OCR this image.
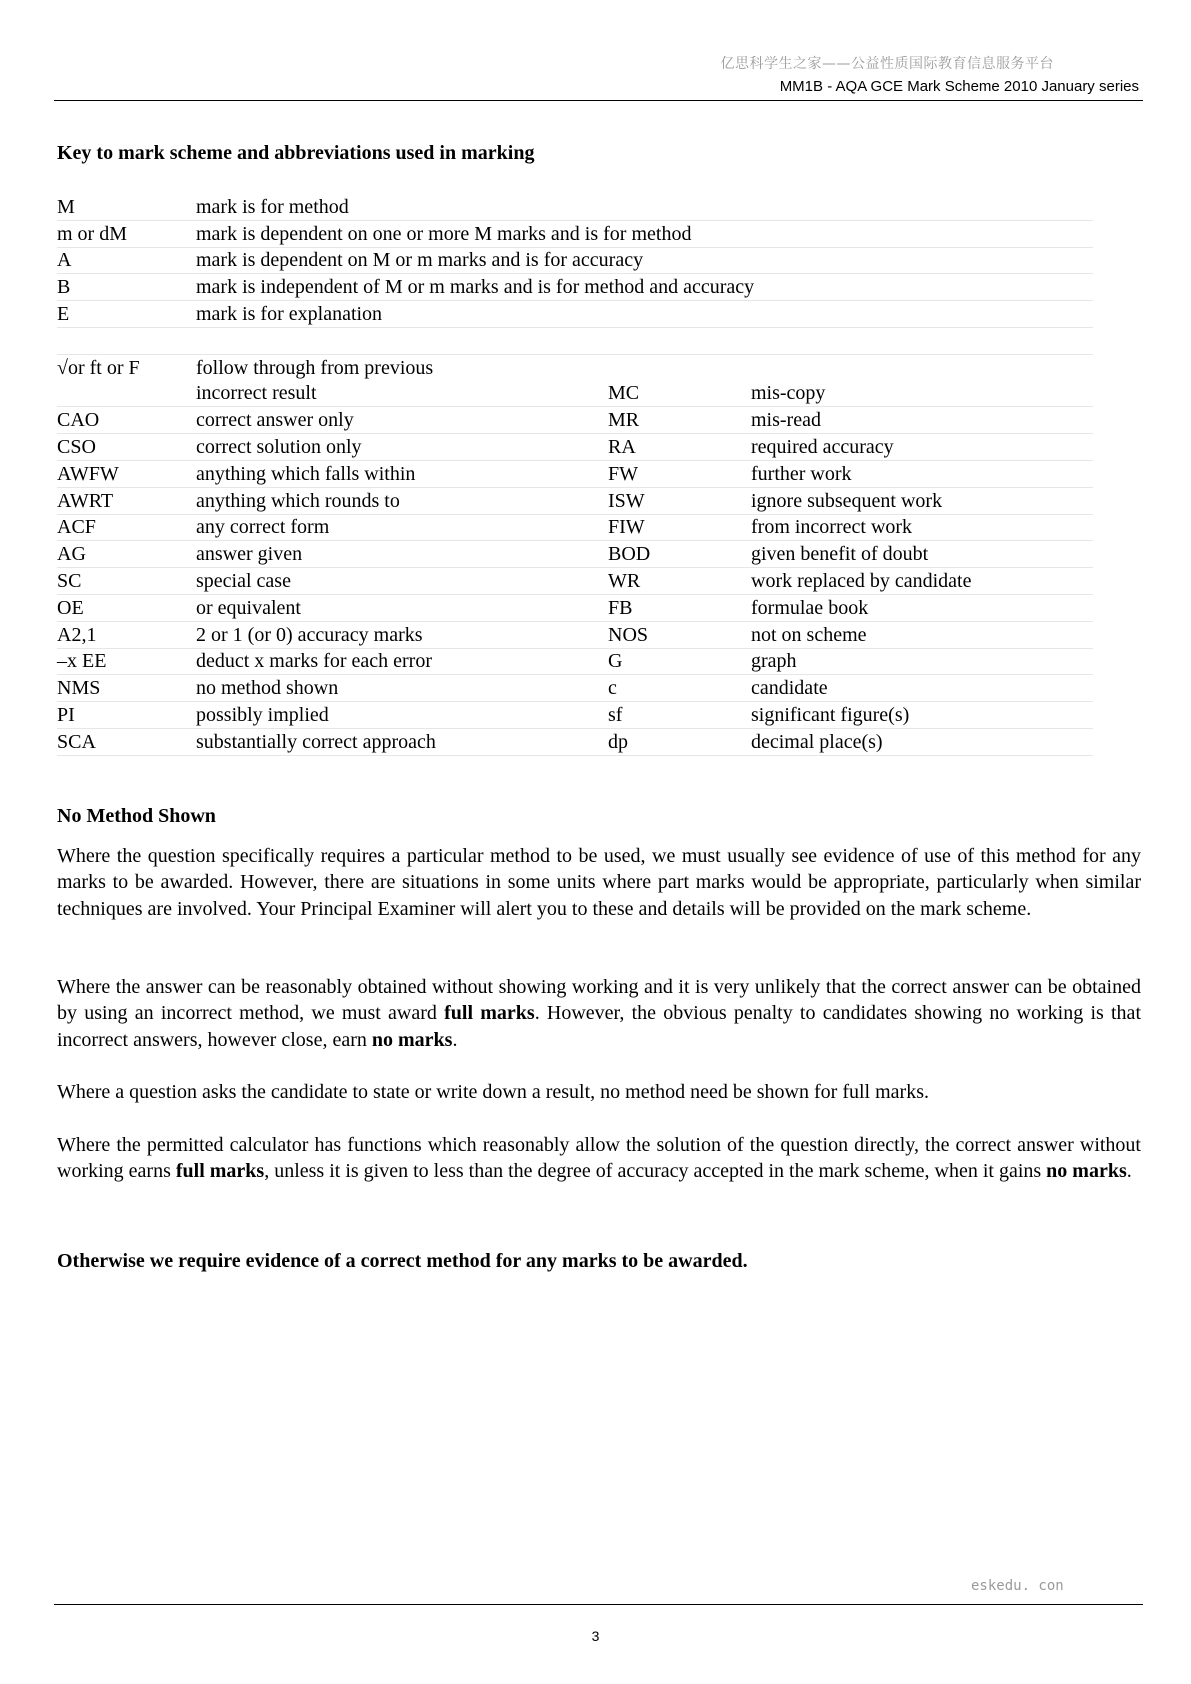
亿思科学生之家——公益性质国际教育信息服务平台
MM1B - AQA GCE Mark Scheme 2010 January series
Key to mark scheme and abbreviations used in marking
M	mark is for method		
m or dM	mark is dependent on one or more M marks and is for method		
A	mark is dependent on M or m marks and is for accuracy		
B	mark is independent of M or m marks and is for method and accuracy		
E	mark is for explanation		

√or ft or F	follow through from previous		
	incorrect result	MC	mis-copy
CAO	correct answer only	MR	mis-read
CSO	correct solution only	RA	required accuracy
AWFW	anything which falls within	FW	further work
AWRT	anything which rounds to	ISW	ignore subsequent work
ACF	any correct form	FIW	from incorrect work
AG	answer given	BOD	given benefit of doubt
SC	special case	WR	work replaced by candidate
OE	or equivalent	FB	formulae book
A2,1	2 or 1 (or 0) accuracy marks	NOS	not on scheme
–x EE	deduct x marks for each error	G	graph
NMS	no method shown	c	candidate
PI	possibly implied	sf	significant figure(s)
SCA	substantially correct approach	dp	decimal place(s)
No Method Shown

Where the question specifically requires a particular method to be used, we must usually see evidence of use of this method for any marks to be awarded. However, there are situations in some units where part marks would be appropriate, particularly when similar techniques are involved. Your Principal Examiner will alert you to these and details will be provided on the mark scheme.

Where the answer can be reasonably obtained without showing working and it is very unlikely that the correct answer can be obtained by using an incorrect method, we must award full marks. However, the obvious penalty to candidates showing no working is that incorrect answers, however close, earn no marks.

Where a question asks the candidate to state or write down a result, no method need be shown for full marks.

Where the permitted calculator has functions which reasonably allow the solution of the question directly, the correct answer without working earns full marks, unless it is given to less than the degree of accuracy accepted in the mark scheme, when it gains no marks.

Otherwise we require evidence of a correct method for any marks to be awarded.
eskedu. con
3
